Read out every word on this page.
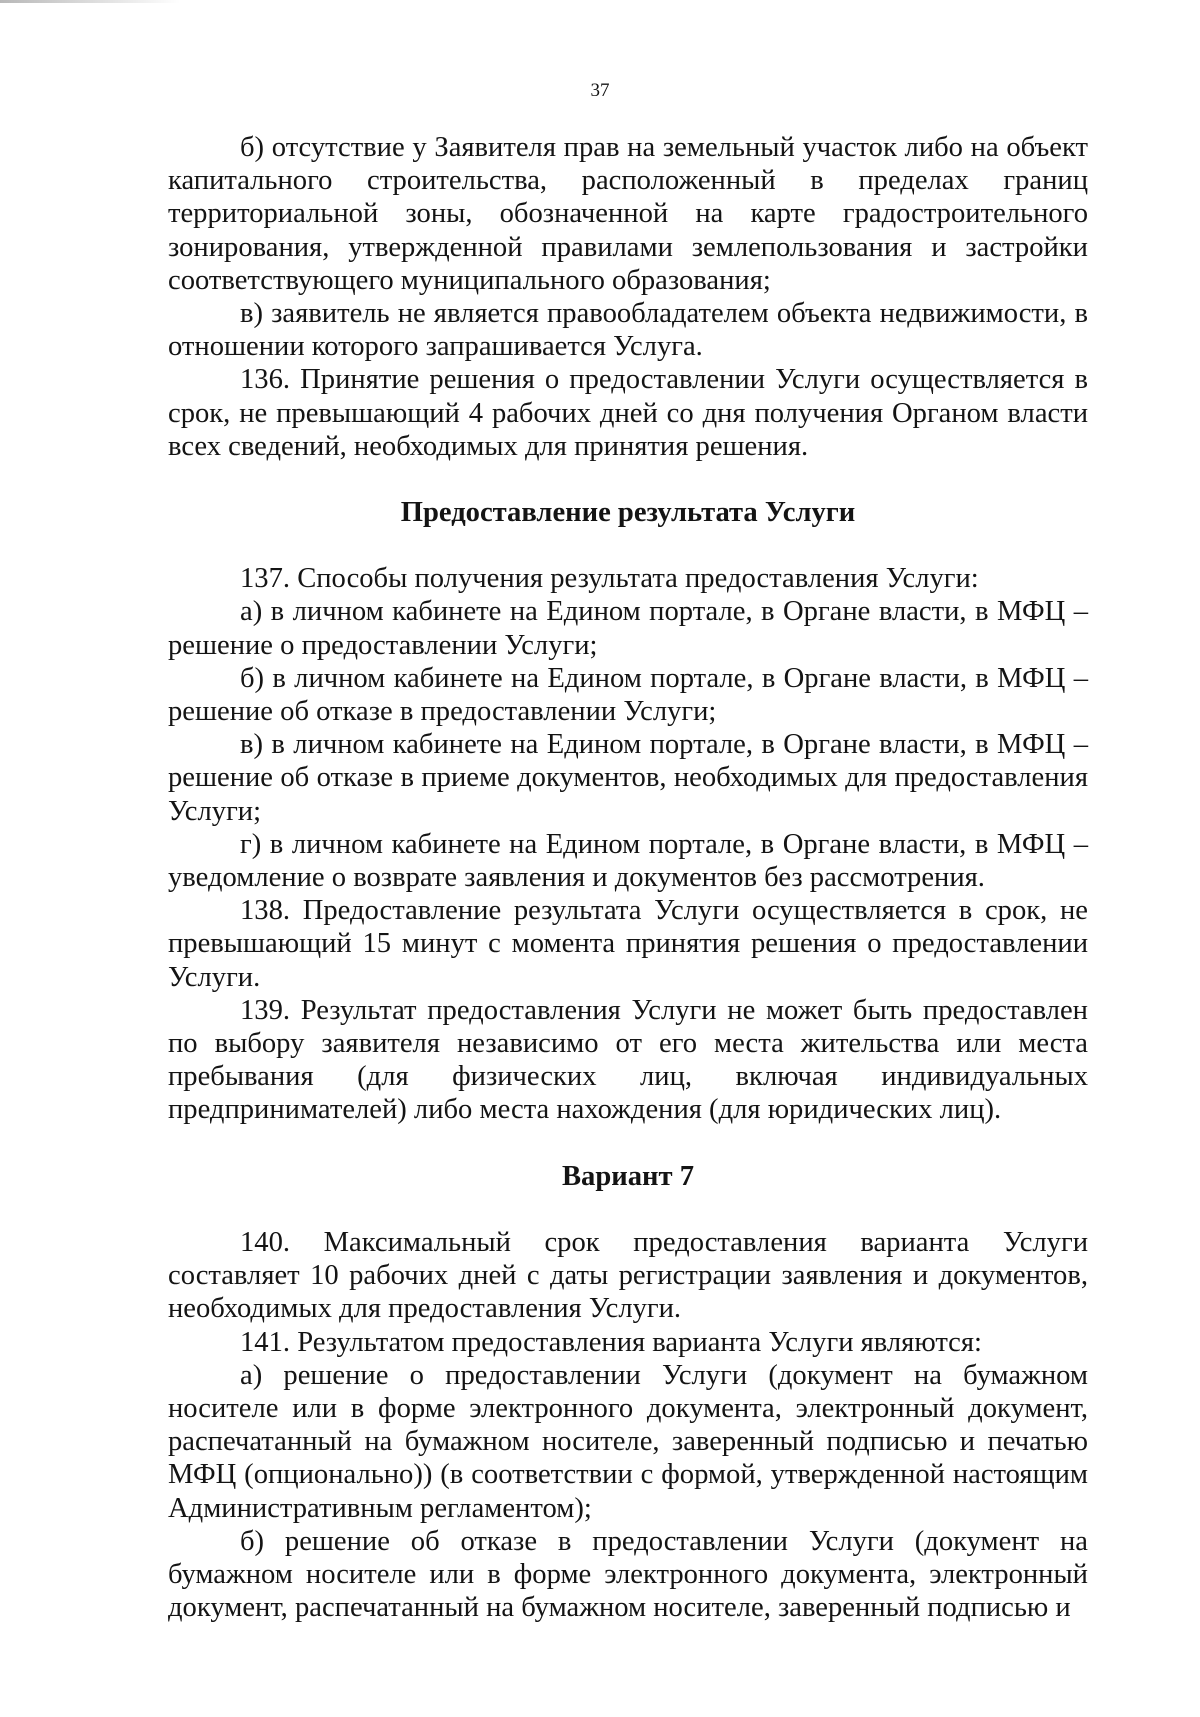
37

б) отсутствие у Заявителя прав на земельный участок либо на объект капитального строительства, расположенный в пределах границ территориальной зоны, обозначенной на карте градостроительного зонирования, утвержденной правилами землепользования и застройки соответствующего муниципального образования;

в) заявитель не является правообладателем объекта недвижимости, в отношении которого запрашивается Услуга.

136. Принятие решения о предоставлении Услуги осуществляется в срок, не превышающий 4 рабочих дней со дня получения Органом власти всех сведений, необходимых для принятия решения.

Предоставление результата Услуги

137. Способы получения результата предоставления Услуги:

а) в личном кабинете на Едином портале, в Органе власти, в МФЦ – решение о предоставлении Услуги;

б) в личном кабинете на Едином портале, в Органе власти, в МФЦ – решение об отказе в предоставлении Услуги;

в) в личном кабинете на Едином портале, в Органе власти, в МФЦ – решение об отказе в приеме документов, необходимых для предоставления Услуги;

г) в личном кабинете на Едином портале, в Органе власти, в МФЦ – уведомление о возврате заявления и документов без рассмотрения.

138. Предоставление результата Услуги осуществляется в срок, не превышающий 15 минут с момента принятия решения о предоставлении Услуги.

139. Результат предоставления Услуги не может быть предоставлен по выбору заявителя независимо от его места жительства или места пребывания (для физических лиц, включая индивидуальных предпринимателей) либо места нахождения (для юридических лиц).

Вариант 7

140. Максимальный срок предоставления варианта Услуги составляет 10 рабочих дней с даты регистрации заявления и документов, необходимых для предоставления Услуги.

141. Результатом предоставления варианта Услуги являются:

а) решение о предоставлении Услуги (документ на бумажном носителе или в форме электронного документа, электронный документ, распечатанный на бумажном носителе, заверенный подписью и печатью МФЦ (опционально)) (в соответствии с формой, утвержденной настоящим Административным регламентом);

б) решение об отказе в предоставлении Услуги (документ на бумажном носителе или в форме электронного документа, электронный документ, распечатанный на бумажном носителе, заверенный подписью и
